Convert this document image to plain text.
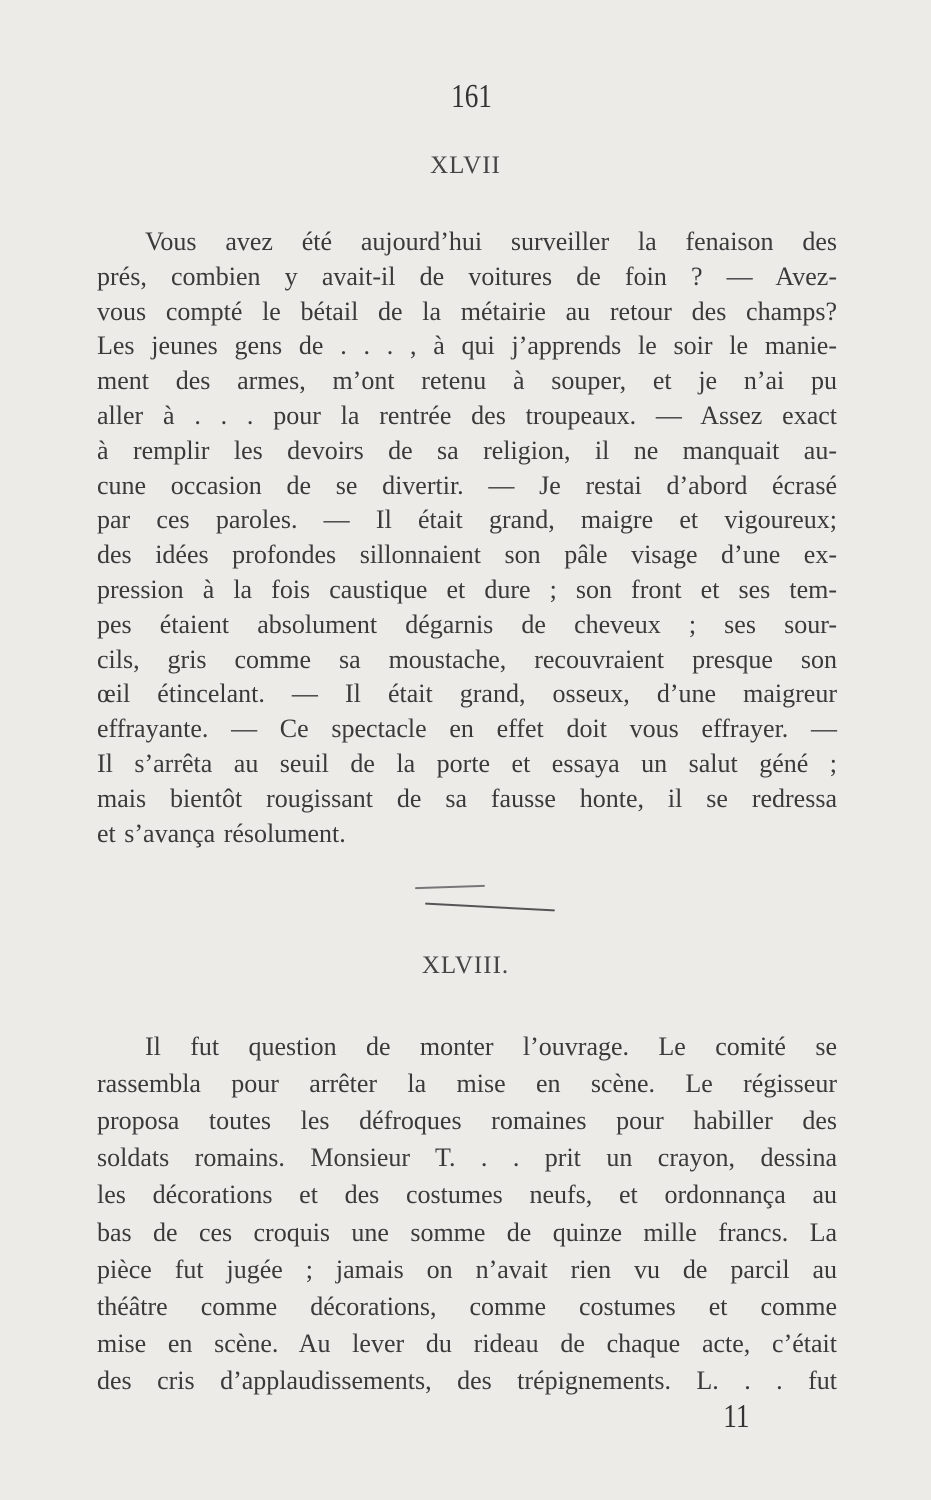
161
XLVII
Vous avez été aujourd’hui surveiller la fenaison des
prés, combien y avait-il de voitures de foin ? — Avez-
vous compté le bétail de la métairie au retour des champs?
Les jeunes gens de . . . , à qui j’apprends le soir le manie-
ment des armes, m’ont retenu à souper, et je n’ai pu
aller à . . . pour la rentrée des troupeaux. — Assez exact
à remplir les devoirs de sa religion, il ne manquait au-
cune occasion de se divertir. — Je restai d’abord écrasé
par ces paroles. — Il était grand, maigre et vigoureux;
des idées profondes sillonnaient son pâle visage d’une ex-
pression à la fois caustique et dure ; son front et ses tem-
pes étaient absolument dégarnis de cheveux ; ses sour-
cils, gris comme sa moustache, recouvraient presque son
œil étincelant. — Il était grand, osseux, d’une maigreur
effrayante. — Ce spectacle en effet doit vous effrayer. —
Il s’arrêta au seuil de la porte et essaya un salut géné ;
mais bientôt rougissant de sa fausse honte, il se redressa
et s’avança résolument.
XLVIII.
Il fut question de monter l’ouvrage. Le comité se
rassembla pour arrêter la mise en scène. Le régisseur
proposa toutes les défroques romaines pour habiller des
soldats romains. Monsieur T. . . prit un crayon, dessina
les décorations et des costumes neufs, et ordonnança au
bas de ces croquis une somme de quinze mille francs. La
pièce fut jugée ; jamais on n’avait rien vu de parcil au
théâtre comme décorations, comme costumes et comme
mise en scène. Au lever du rideau de chaque acte, c’était
des cris d’applaudissements, des trépignements. L. . . fut
11
